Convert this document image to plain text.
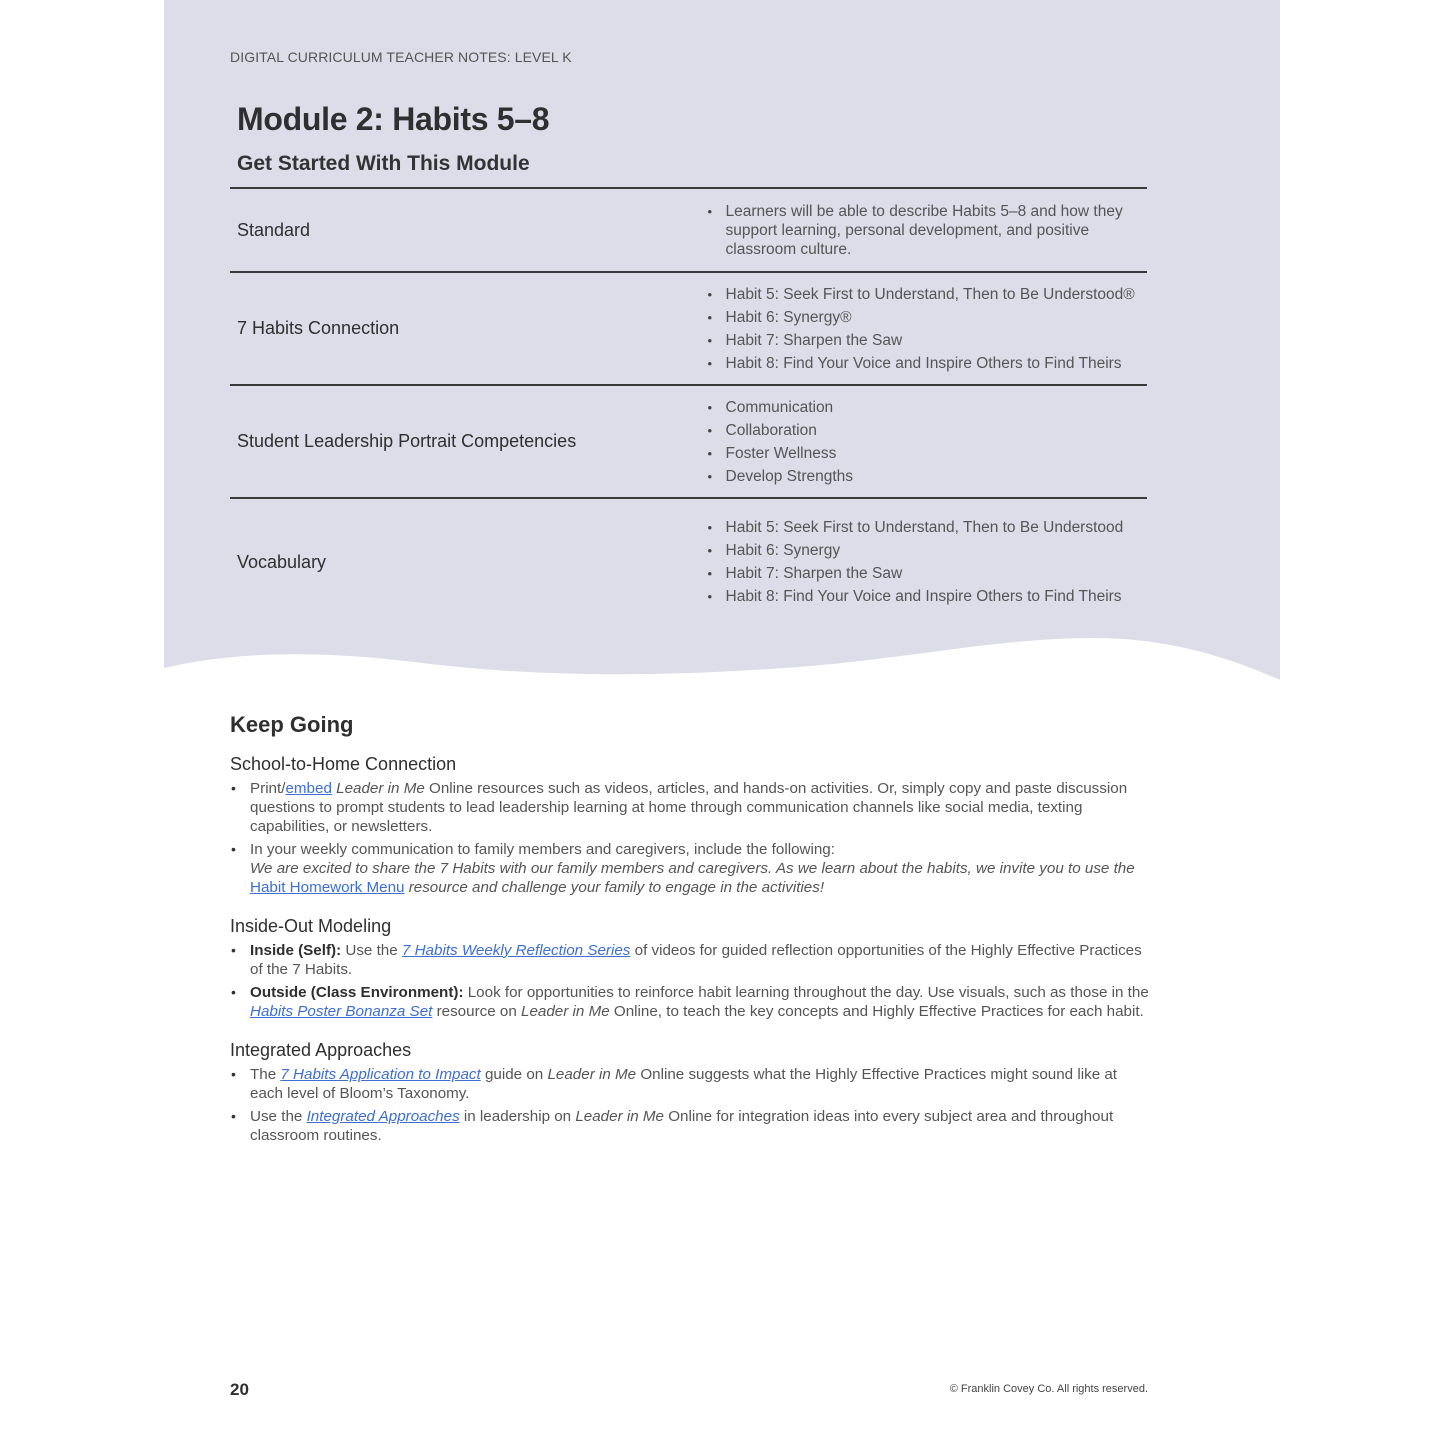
DIGITAL CURRICULUM TEACHER NOTES: LEVEL K
Module 2: Habits 5–8
Get Started With This Module
Standard
• Learners will be able to describe Habits 5–8 and how they support learning, personal development, and positive classroom culture.
7 Habits Connection
• Habit 5: Seek First to Understand, Then to Be Understood®
• Habit 6: Synergy®
• Habit 7: Sharpen the Saw
• Habit 8: Find Your Voice and Inspire Others to Find Theirs
Student Leadership Portrait Competencies
• Communication
• Collaboration
• Foster Wellness
• Develop Strengths
Vocabulary
• Habit 5: Seek First to Understand, Then to Be Understood
• Habit 6: Synergy
• Habit 7: Sharpen the Saw
• Habit 8: Find Your Voice and Inspire Others to Find Theirs
Keep Going
School-to-Home Connection
• Print/embed Leader in Me Online resources such as videos, articles, and hands-on activities. Or, simply copy and paste discussion questions to prompt students to lead leadership learning at home through communication channels like social media, texting capabilities, or newsletters.
• In your weekly communication to family members and caregivers, include the following:
We are excited to share the 7 Habits with our family members and caregivers. As we learn about the habits, we invite you to use the
Habit Homework Menu resource and challenge your family to engage in the activities!
Inside-Out Modeling
• Inside (Self): Use the 7 Habits Weekly Reflection Series of videos for guided reflection opportunities of the Highly Effective Practices of the 7 Habits.
• Outside (Class Environment): Look for opportunities to reinforce habit learning throughout the day. Use visuals, such as those in the Habits Poster Bonanza Set resource on Leader in Me Online, to teach the key concepts and Highly Effective Practices for each habit.
Integrated Approaches
• The 7 Habits Application to Impact guide on Leader in Me Online suggests what the Highly Effective Practices might sound like at each level of Bloom’s Taxonomy.
• Use the Integrated Approaches in leadership on Leader in Me Online for integration ideas into every subject area and throughout classroom routines.
20	© Franklin Covey Co. All rights reserved.
